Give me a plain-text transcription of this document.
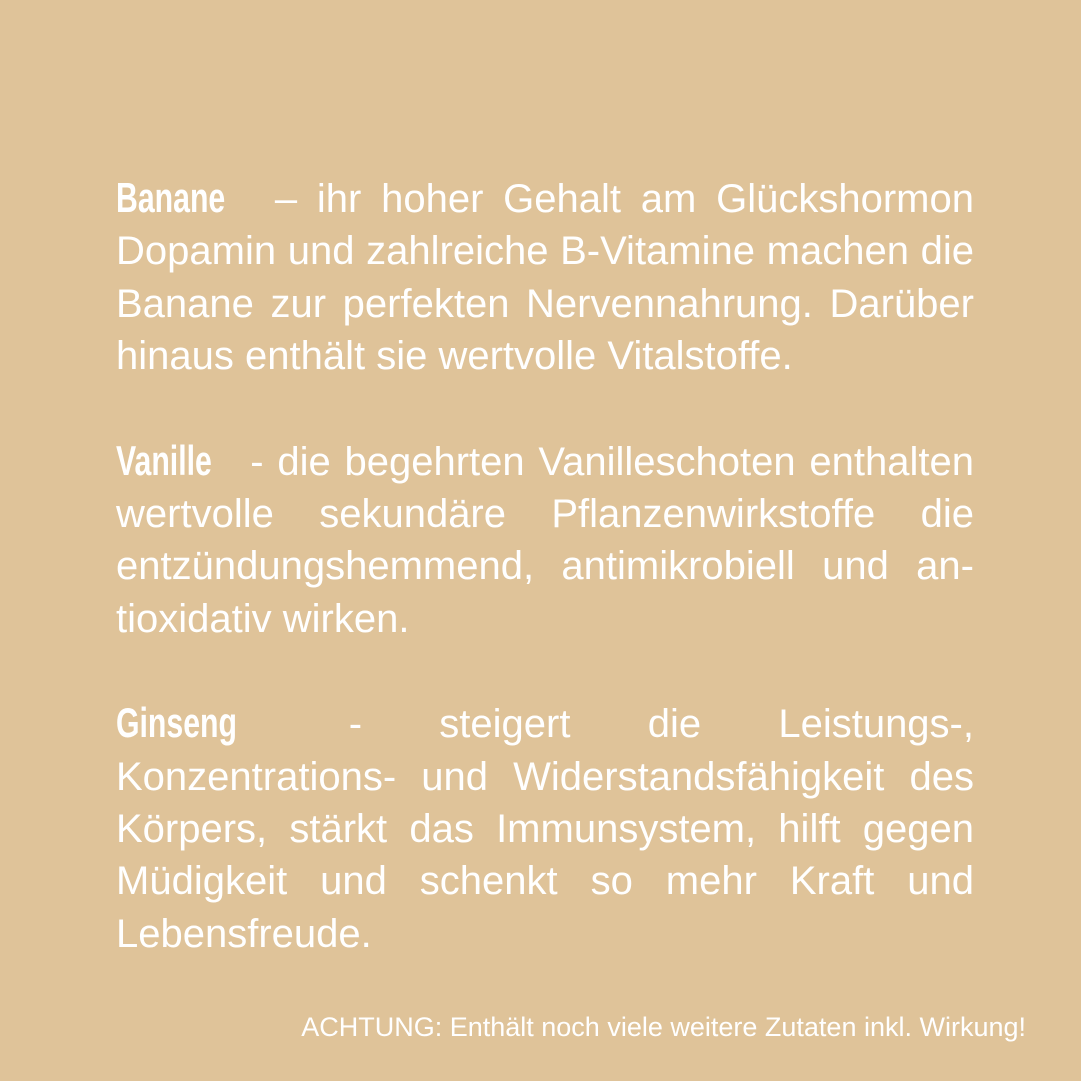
Banane – ihr hoher Gehalt am Glückshormon Dopamin und zahlreiche B-Vitamine machen die Banane zur perfekten Nervennahrung. Darüber hinaus enthält sie wertvolle Vitalstoffe.

Vanille - die begehrten Vanilleschoten enthalten wertvolle sekundäre Pflanzenwirkstoffe die entzündungshemmend, antimikrobiell und antioxidativ wirken.

Ginseng - steigert die Leistungs-, Konzentrations- und Widerstandsfähigkeit des Körpers, stärkt das Immunsystem, hilft gegen Müdigkeit und schenkt so mehr Kraft und Lebensfreude.

ACHTUNG: Enthält noch viele weitere Zutaten inkl. Wirkung!
